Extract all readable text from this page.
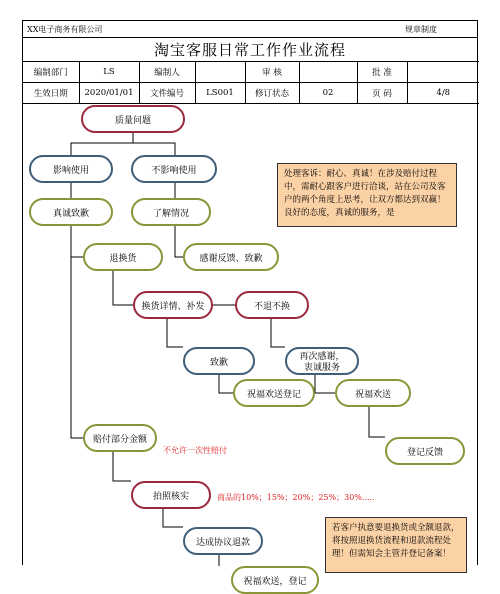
XX电子商务有限公司	规章制度
淘宝客服日常工作作业流程
编制部门	LS	编制人		审 核		批 准	
生效日期	2020/01/01	文件编号	LS001	修订状态	02	页 码	4/8
质量问题
影响使用	不影响使用
真诚致歉	了解情况
退换货	感谢反馈、致歉
换货详情、补发	不退不换
致歉
再次感谢，
衷诚服务
祝福欢送登记	祝福欢送
登记反馈
赔付部分金额
不允许一次性赔付
拍照核实	商品的10%；15%；20%；25%；30%.....
达成协议退款
祝福欢送，登记
处理客诉：耐心、真诚！在涉及赔付过程中，需耐心跟客户进行洽谈，站在公司及客户的两个角度上思考，让双方都达到双赢！良好的态度，真诚的服务，是
若客户执意要退换货或全额退款，将按照退换货流程和退款流程处理！但需知会主管并登记备案！
